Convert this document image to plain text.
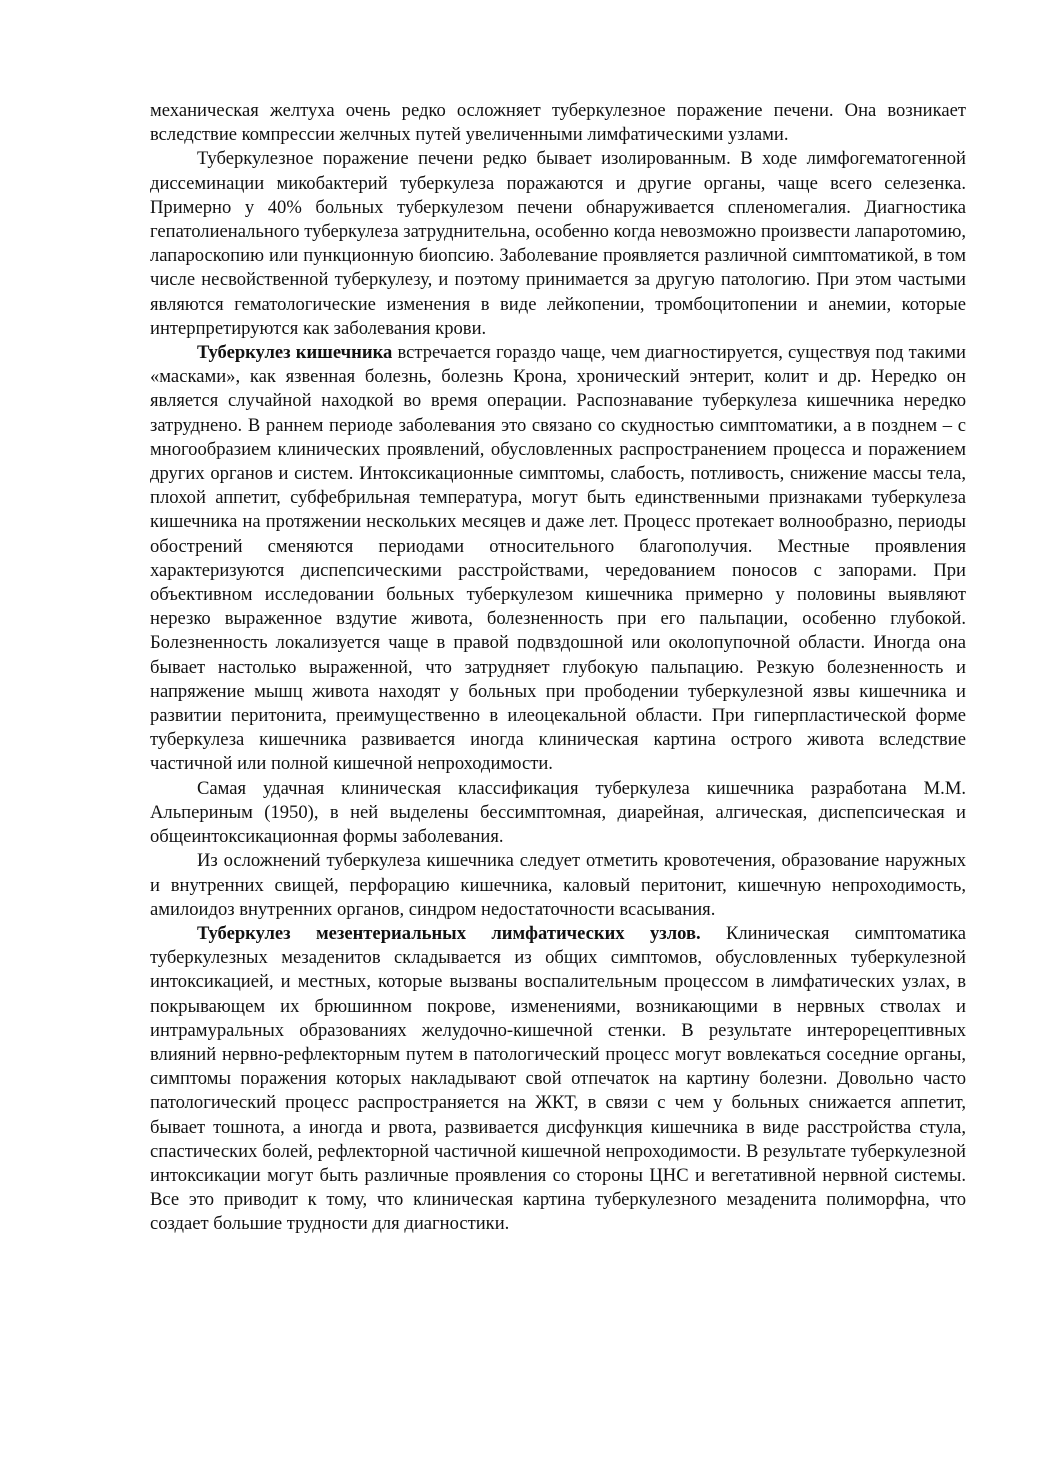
механическая желтуха очень редко осложняет туберкулезное поражение печени. Она возникает вследствие компрессии желчных путей увеличенными лимфатическими узлами.

Туберкулезное поражение печени редко бывает изолированным. В ходе лимфогематогенной диссеминации микобактерий туберкулеза поражаются и другие органы, чаще всего селезенка. Примерно у 40% больных туберкулезом печени обнаруживается спленомегалия. Диагностика гепатолиенального туберкулеза затруднительна, особенно когда невозможно произвести лапаротомию, лапароскопию или пункционную биопсию. Заболевание проявляется различной симптоматикой, в том числе несвойственной туберкулезу, и поэтому принимается за другую патологию. При этом частыми являются гематологические изменения в виде лейкопении, тромбоцитопении и анемии, которые интерпретируются как заболевания крови.

Туберкулез кишечника встречается гораздо чаще, чем диагностируется, существуя под такими «масками», как язвенная болезнь, болезнь Крона, хронический энтерит, колит и др. Нередко он является случайной находкой во время операции. Распознавание туберкулеза кишечника нередко затруднено. В раннем периоде заболевания это связано со скудностью симптоматики, а в позднем – с многообразием клинических проявлений, обусловленных распространением процесса и поражением других органов и систем. Интоксикационные симптомы, слабость, потливость, снижение массы тела, плохой аппетит, субфебрильная температура, могут быть единственными признаками туберкулеза кишечника на протяжении нескольких месяцев и даже лет. Процесс протекает волнообразно, периоды обострений сменяются периодами относительного благополучия. Местные проявления характеризуются диспепсическими расстройствами, чередованием поносов с запорами. При объективном исследовании больных туберкулезом кишечника примерно у половины выявляют нерезко выраженное вздутие живота, болезненность при его пальпации, особенно глубокой. Болезненность локализуется чаще в правой подвздошной или околопупочной области. Иногда она бывает настолько выраженной, что затрудняет глубокую пальпацию. Резкую болезненность и напряжение мышц живота находят у больных при прободении туберкулезной язвы кишечника и развитии перитонита, преимущественно в илеоцекальной области. При гиперпластической форме туберкулеза кишечника развивается иногда клиническая картина острого живота вследствие частичной или полной кишечной непроходимости.

Самая удачная клиническая классификация туберкулеза кишечника разработана М.М. Альпериным (1950), в ней выделены бессимптомная, диарейная, алгическая, диспепсическая и общеинтоксикационная формы заболевания.

Из осложнений туберкулеза кишечника следует отметить кровотечения, образование наружных и внутренних свищей, перфорацию кишечника, каловый перитонит, кишечную непроходимость, амилоидоз внутренних органов, синдром недостаточности всасывания.

Туберкулез мезентериальных лимфатических узлов. Клиническая симптоматика туберкулезных мезаденитов складывается из общих симптомов, обусловленных туберкулезной интоксикацией, и местных, которые вызваны воспалительным процессом в лимфатических узлах, в покрывающем их брюшинном покрове, изменениями, возникающими в нервных стволах и интрамуральных образованиях желудочно-кишечной стенки. В результате интерорецептивных влияний нервно-рефлекторным путем в патологический процесс могут вовлекаться соседние органы, симптомы поражения которых накладывают свой отпечаток на картину болезни. Довольно часто патологический процесс распространяется на ЖКТ, в связи с чем у больных снижается аппетит, бывает тошнота, а иногда и рвота, развивается дисфункция кишечника в виде расстройства стула, спастических болей, рефлекторной частичной кишечной непроходимости. В результате туберкулезной интоксикации могут быть различные проявления со стороны ЦНС и вегетативной нервной системы. Все это приводит к тому, что клиническая картина туберкулезного мезаденита полиморфна, что создает большие трудности для диагностики.
